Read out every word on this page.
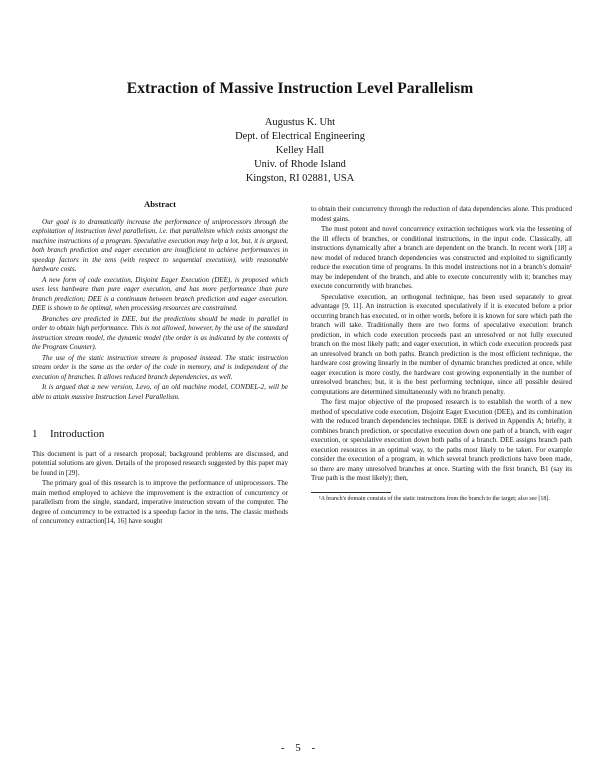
Extraction of Massive Instruction Level Parallelism
Augustus K. Uht
Dept. of Electrical Engineering
Kelley Hall
Univ. of Rhode Island
Kingston, RI 02881, USA
Abstract

Our goal is to dramatically increase the performance of uniprocessors through the exploitation of instruction level parallelism, i.e. that parallelism which exists amongst the machine instructions of a program. Speculative execution may help a lot, but, it is argued, both branch prediction and eager execution are insufficient to achieve performances in speedup factors in the tens (with respect to sequential execution), with reasonable hardware costs.

A new form of code execution, Disjoint Eager Execution (DEE), is proposed which uses less hardware than pure eager execution, and has more performance than pure branch prediction; DEE is a continuum between branch prediction and eager execution. DEE is shown to be optimal, when processing resources are constrained.

Branches are predicted in DEE, but the predictions should be made in parallel in order to obtain high performance. This is not allowed, however, by the use of the standard instruction stream model, the dynamic model (the order is as indicated by the contents of the Program Counter).

The use of the static instruction stream is proposed instead. The static instruction stream order is the same as the order of the code in memory, and is independent of the execution of branches. It allows reduced branch dependencies, as well.

It is argued that a new version, Levo, of an old machine model, CONDEL-2, will be able to attain massive Instruction Level Parallelism.

1 Introduction

This document is part of a research proposal; background problems are discussed, and potential solutions are given. Details of the proposed research suggested by this paper may be found in [29].

The primary goal of this research is to improve the performance of uniprocessors. The main method employed to achieve the improvement is the extraction of concurrency or parallelism from the single, standard, imperative instruction stream of the computer. The degree of concurrency to be extracted is a speedup factor in the tens. The classic methods of concurrency extraction[14, 16] have sought

to obtain their concurrency through the reduction of data dependencies alone. This produced modest gains.

The most potent and novel concurrency extraction techniques work via the lessening of the ill effects of branches, or conditional instructions, in the input code. Classically, all instructions dynamically after a branch are dependent on the branch. In recent work [18] a new model of reduced branch dependencies was constructed and exploited to significantly reduce the execution time of programs. In this model instructions not in a branch's domain¹ may be independent of the branch, and able to execute concurrently with it; branches may execute concurrently with branches.

Speculative execution, an orthogonal technique, has been used separately to great advantage [9, 11]. An instruction is executed speculatively if it is executed before a prior occurring branch has executed, or in other words, before it is known for sure which path the branch will take. Traditionally there are two forms of speculative execution: branch prediction, in which code execution proceeds past an unresolved or not fully executed branch on the most likely path; and eager execution, in which code execution proceeds past an unresolved branch on both paths. Branch prediction is the most efficient technique, the hardware cost growing linearly in the number of dynamic branches predicted at once, while eager execution is more costly, the hardware cost growing exponentially in the number of unresolved branches; but, it is the best performing technique, since all possible desired computations are determined simultaneously with no branch penalty.

The first major objective of the proposed research is to establish the worth of a new method of speculative code execution, Disjoint Eager Execution (DEE), and its combination with the reduced branch dependencies technique. DEE is derived in Appendix A; briefly, it combines branch prediction, or speculative execution down one path of a branch, with eager execution, or speculative execution down both paths of a branch. DEE assigns branch path execution resources in an optimal way, to the paths most likely to be taken. For example consider the execution of a program, in which several branch predictions have been made, so there are many unresolved branches at once. Starting with the first branch, B1 (say its True path is the most likely); then,

¹A branch's domain consists of the static instructions from the branch to the target; also see [18].

- 5 -
